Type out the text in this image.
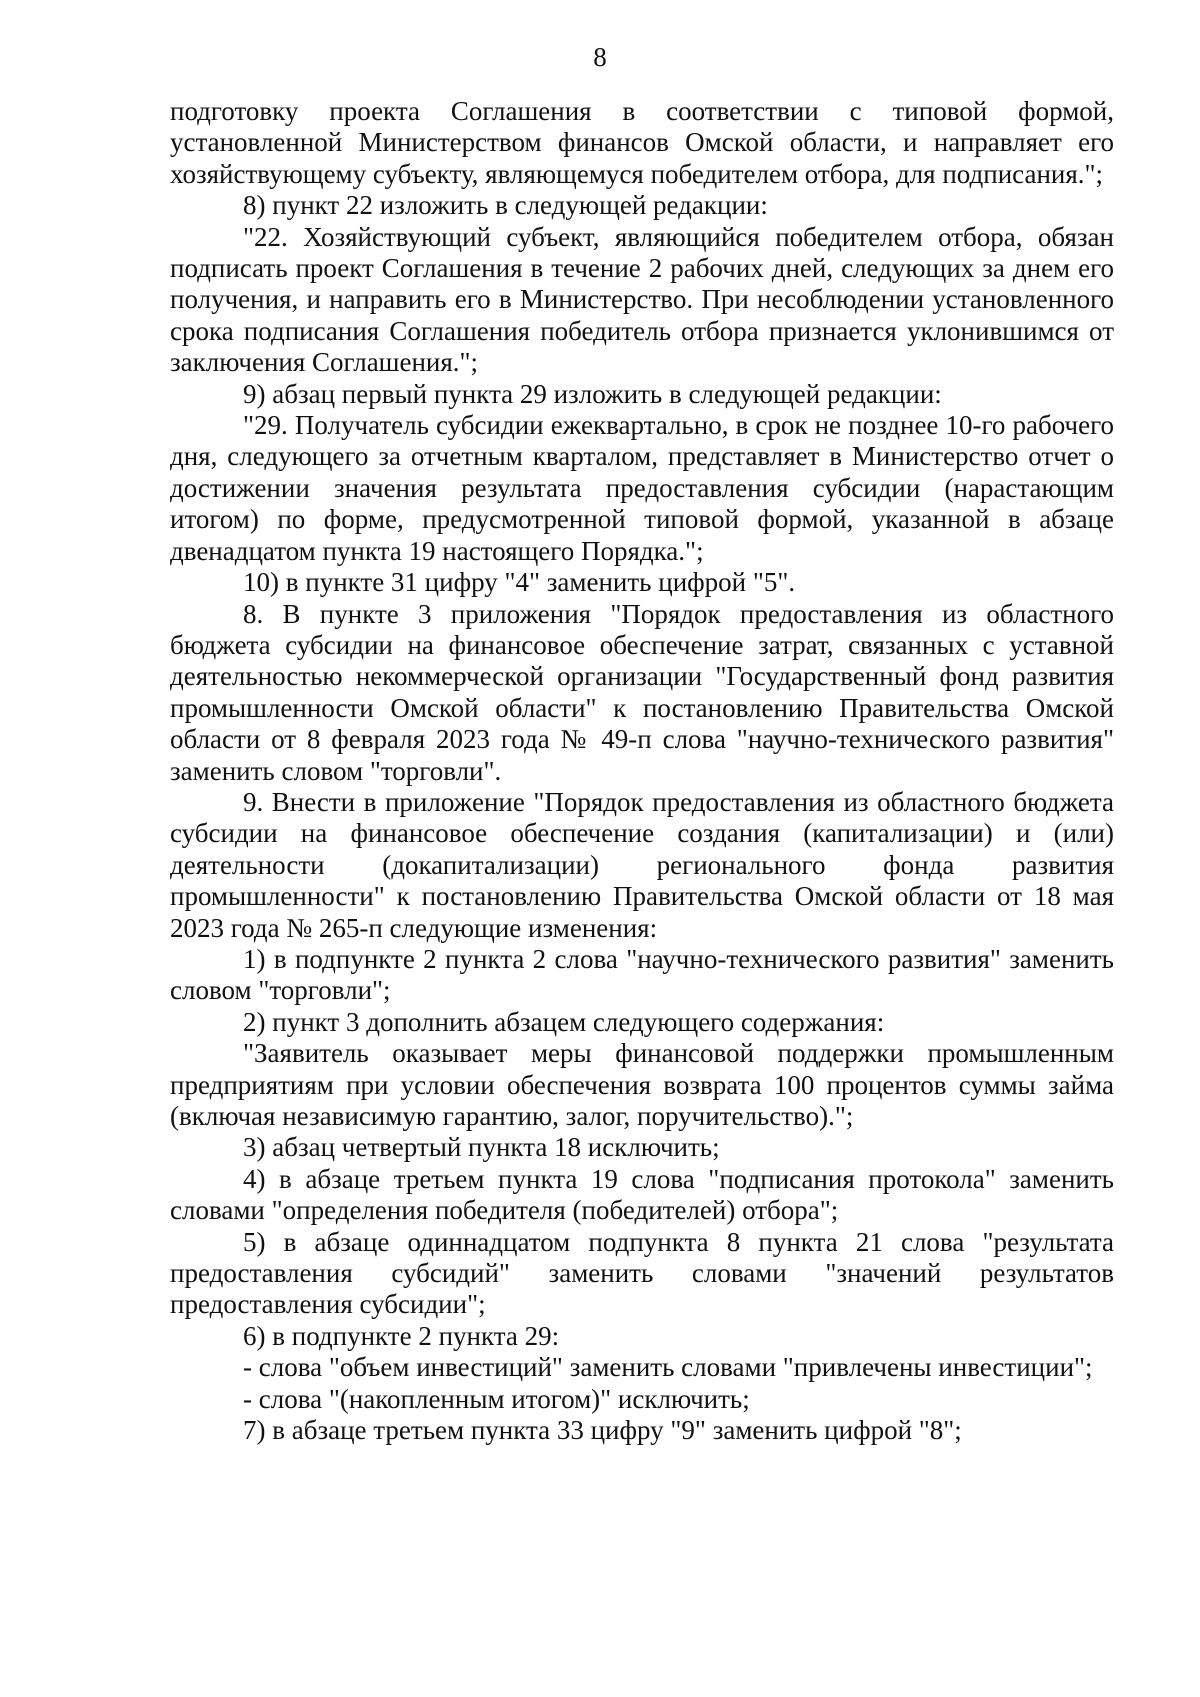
8

подготовку проекта Соглашения в соответствии с типовой формой, установленной Министерством финансов Омской области, и направляет его хозяйствующему субъекту, являющемуся победителем отбора, для подписания.";

8) пункт 22 изложить в следующей редакции:

"22. Хозяйствующий субъект, являющийся победителем отбора, обязан подписать проект Соглашения в течение 2 рабочих дней, следующих за днем его получения, и направить его в Министерство. При несоблюдении установленного срока подписания Соглашения победитель отбора признается уклонившимся от заключения Соглашения.";

9) абзац первый пункта 29 изложить в следующей редакции:

"29. Получатель субсидии ежеквартально, в срок не позднее 10-го рабочего дня, следующего за отчетным кварталом, представляет в Министерство отчет о достижении значения результата предоставления субсидии (нарастающим итогом) по форме, предусмотренной типовой формой, указанной в абзаце двенадцатом пункта 19 настоящего Порядка.";

10) в пункте 31 цифру "4" заменить цифрой "5".

8. В пункте 3 приложения "Порядок предоставления из областного бюджета субсидии на финансовое обеспечение затрат, связанных с уставной деятельностью некоммерческой организации "Государственный фонд развития промышленности Омской области" к постановлению Правительства Омской области от 8 февраля 2023 года № 49-п слова "научно-технического развития" заменить словом "торговли".

9. Внести в приложение "Порядок предоставления из областного бюджета субсидии на финансовое обеспечение создания (капитализации) и (или) деятельности (докапитализации) регионального фонда развития промышленности" к постановлению Правительства Омской области от 18 мая 2023 года № 265-п следующие изменения:

1) в подпункте 2 пункта 2 слова "научно-технического развития" заменить словом "торговли";

2) пункт 3 дополнить абзацем следующего содержания:

"Заявитель оказывает меры финансовой поддержки промышленным предприятиям при условии обеспечения возврата 100 процентов суммы займа (включая независимую гарантию, залог, поручительство).";

3) абзац четвертый пункта 18 исключить;

4) в абзаце третьем пункта 19 слова "подписания протокола" заменить словами "определения победителя (победителей) отбора";

5) в абзаце одиннадцатом подпункта 8 пункта 21 слова "результата предоставления субсидий" заменить словами "значений результатов предоставления субсидии";

6) в подпункте 2 пункта 29:

- слова "объем инвестиций" заменить словами "привлечены инвестиции";

- слова "(накопленным итогом)" исключить;

7) в абзаце третьем пункта 33 цифру "9" заменить цифрой "8";
